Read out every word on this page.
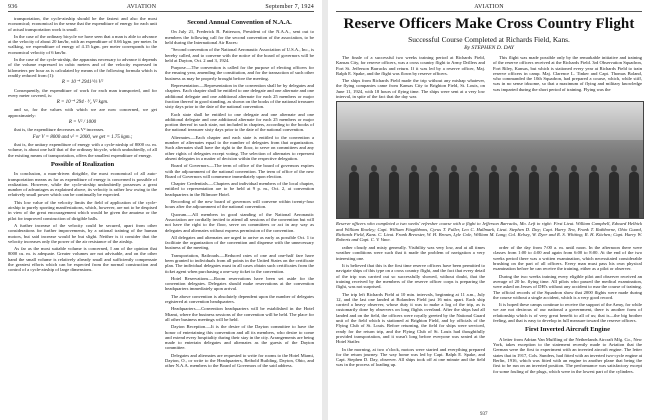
936	AVIATION	September 7, 1924

transportation, the cycle-airship should be the fastest and also the most economical; economical in the sense that the expenditure of energy for each unit of actual transportation work is small.

In the case of the ordinary bicycle we have seen that a man is able to advance at the velocity of about 20 km/hr, with an expenditure of 0.66 kgm. per meter. In walking, we expenditure of energy of 4.15 kgm. per meter corresponds to the economical velocity of 6 km/hr.

In the case of the cycle-airship, the apparatus necessary to advance it depends of the volume expressed in cubic meters and of the velocity expressed in kilometers per hour as is calculated by means of the following formula which is readily reduced from (1):

R = 10⁻⁴ 2941^⅔ V²

Consequently, the expenditure of work for each man transported, and for every meter covered, is:

R = 10⁻⁴ 294 · ³⁄₂ V² kgm.

and so, for the values with which we are now concerned, we get approximately:

R = V² / 1000

that is, the expenditure decreases as V² increases.

For V = 8000 and v² = 2000, we get = 1.75 kgm.;

that is, the unitary expenditure of energy with a cycle-airship of 8000 cu. m. volume, is about one half that of the ordinary bicycle, which undoubtedly, of all the existing means of transportation, offers the smallest expenditure of energy.

Possible of Realization

In conclusion, a man-driven dirigible, the most economical of all auto-transportation means as far as expenditure of energy is concerned is possible of realization. However, while the cycle-airship undoubtedly possesses a great number of advantages as explained above, its velocity is rather low owing to the relatively small power which can be continually be expected.

This low value of the velocity limits the field of application of the cycle-airship to purely sporting manifestations, which, however, are not to be despised in view of the great encouragement which would be given the amateur or the pilot for improved construction of dirigible balls.

A further increase of the velocity could be secured, apart from other considerations for further improvements, by a rational training of the human motors, but said increase would be but slight. Neither is it consider that the velocity increases only the power of the air resistance of the airship.

As far as the most suitable volume is concerned, I am of the opinion that 8000 cu. m. is adequate. Greater volumes are not advisable, and on the other hand the small volume is relatively already small and sufficiently compensate the greatest efforts which can be expected from the normal construction and control of a cycle-airship of large dimensions.

Second Annual Convention of N.A.A.

On July 21, Frederick B. Patterson, President of the N.A.A., sent out to members the following call for the second convention of the association, to be held during the International Air Races:

"Second convention of the National Aeronautic Association of U.S.A., Inc., is hereby called, and to convene with the notice of the board of governors will be held at Dayton, Oct. 2 and 3, 1924.

Purpose.—The convention is called for the purpose of electing officers for the ensuing year, amending the constitution, and for the transaction of such other business as may be properly brought before the meeting.

Representation.—Representation in the convention shall be by delegates and chapters. Each chapter shall be entitled to one delegate and one alternate and one additional delegate and one additional alternate for each 25 members or major fraction thereof in good standing, as shown on the books of the national treasurer sixty days prior to the date of the national convention.

Each state shall be entitled to one delegate and one alternate and one additional delegate and one additional alternate for each 25 members or major portion thereof in such state, not included in chapters, according to the books of the national treasurer sixty days prior to the date of the national convention.

Alternates.—Each chapter and each state is entitled to the convention a number of alternates equal to the number of delegates from that organization. Such alternates shall have the right to the floor, to serve on committees and any other rights of delegates except voting. The selection of alternates to represent absent delegates in a matter of decision within the respective delegation.

Board of Governors.—The term of office of the board of governors expires with the adjournment of the national convention. The term of office of the new Board of Governors will commence immediately upon election.

Chapter Credentials.—Chapters and individual members of the local chapter, entitled to representation are to be held at 9 p. m., Oct. 2, at convention headquarters in the Biltmore Hotel.

Recording of the new board of governors will convene within twenty-four hours after the adjournment of the national convention.

Quorum.—All members in good standing of the National Aeronautic Association are cordially invited to attend all sessions of the convention but will not have the right to the floor, serve on committees or act in any way as delegates and alternates without express permission of the convention.

All delegates and alternates are urged to arrive as early as possible Oct. 1 to facilitate the organization of the convention and dispense with the unnecessary business of the meeting.

Transportation, Railroads.—Reduced rates of one and one-half fare have been granted to individuals from all points in the United States on the certificate plan. The individual delegates must in all cases obtain such certificates from the ticket agent when purchasing a one-way ticket to the convention.

Hotel Reservations.—Room reservations have been set aside for the convention delegates. Delegates should make reservations at the convention headquarters immediately upon arrival.

The above convention is absolutely dependent upon the number of delegates registered at convention headquarters.

Headquarters.—Convention headquarters will be established in the Hotel Miami, where the business sessions of the convention will be held. The place for all other business meetings will be held.

Dayton Reception.—It is the desire of the Dayton committee to have the honor of entertaining this convention and all its members, who desire to come and extend every hospitality during their stay in the city. Arrangements are being made to entertain delegates and alternates as the guests of the Dayton committee.

Delegates and alternates are requested to write for rooms to the Hotel Miami, Dayton, O., or write to the Headquarters, Reibold Building, Dayton, Ohio, and other N.A.A. members to the Board of Governors of the said address.

AVIATION
Reserve Officers Make Cross Country Flight
Successful Course Completed at Richards Field, Kans.
By STEPHEN D. DAY

The finale of a successful two weeks training period at Richards Field, Kansas City, for reserve officers, was a cross country flight to Army Drillers and Fort St. Jefferson Barracks and return. If it was led by a reserve officer, Maj. Ralph E. Spake, and the flight was flown by reserve officers.

The ships from Richards Field made the trip without any mishap whatever, the flying companies came from Kansas City to Brighton Field, St. Louis, on June 11, 1924, with 18 hours of flying time. The ships were sent at a very low interval, in spite of the fact that the day was

This flight was made possible only by the remarkable initiative and training of the reserve officers received at the Richards Field. 3rd Observation Squadron, Fort Riley, Kansas, but which is stationed every year at Richards Field to train reserve officers in camp. Maj. Clarence L. Tinker and Capt. Thomas Boland, who commanded the 10th Squadron, had prepared a course, which, while stiff, was in no sense irksome, so that a maximum of flying and military knowledge was imparted during the short period of training. Flying was the

Reserve officers who completed a two weeks' refresher course with a flight to Jefferson Barracks, Mo. Left to right: First Lieut. William Campbell, Edward Helbick and William Rowley; Capt. William Fitzgibbons, Cyrus T. Fuller, Leo C. Hallmark, Lieut. Stephen D. Day; Capt. Harry Tew, Frank T. Rathborne, Ohio Guard, Richards Field, Kans. C. Lieut. Frank Brewster, W. H. Brown, Lyle Cole, William M. Lang; Col. Kelsey, W. Dyer and R. S. Whiting; R. H. Kitchen; Capt. Harry W. Roberts and Capt. C. V. Vane.

rather cloudy and misty generally. Visibility was very low, and at all times weather conditions were such that it made the problem of navigation a very interesting one.

It is believed that this is the first time reserve officers have been permitted to navigate ships of this type on a cross country flight, and the fact that every detail of the trip was carried out so successfully showed, without doubt, that the training received by the members of the reserve officer corps is preparing the flight, was not surprised.

The trip left Richards Field at 10 min. intervals, beginning at 11 a.m., July 12, and the last one landed at Bolanders Field just 16 min. apart. Each ship carried a heavy observer, whose duty it was to make a log of the trip, as is customarily done by observers on long flights overland. After the ships had all landed and on the field, the officers were royally greeted by the National Guard unit of the field which is stationed at Brighton Field, and by officials of the Flying Club of St. Louis. Before returning, the field for ships were serviced, ready for the return trip, and the Flying Club of St. Louis had thoughtfully provided transportation, and it wasn't long before everyone was seated at the Hotel Statler.

In the morning, at two o'clock, motors were started and everything prepared for the return journey. The way home was led by Capt. Ralph E. Spake, and Capt. Stephen D. Day, observer. All ships took off at one minute and the field was in the process of loading up.

order of the day from 7:00 a. m. until noon. In the afternoon there were classes from 1:00 to 4:00 and again from 6:00 to 8:00. At the end of the two weeks period there was a written examination, which necessitated considerable brushing on the part of all officers. Every man must pass his own physical examination before he can receive the training, either as a pilot or observer.

During the two weeks training every eligible pilot and observer received an average of 20 hr. flying time. All pilots who passed the medical examination, were asked on Jesses of DH's without any accident to mar the course of training. The official records of the Squadron show that 2000 flights were made during the course without a single accident, which is a very good record.

It is hoped these camps continue to receive the support of the Army, for while we are not desirous of our national a government, there is another form of relationship which is of very great benefit to all of us; that is—the big brother feeling, and that is easy to develop in full measure toward the reserve officers.

First Inverted Aircraft Engine

A letter from Adrian Van Muffling of the Netherlands Aircraft Mfg. Co., New York, takes exception to the statement recently made to Aviation that the German were the first to experiment with an inverted aircraft engine. The letter states that in 1917, Cols. Sunders, had fitted with an inverted two-cycle engine at Berlin, 1916, which was fitted with an engine in another plane that being the first to be run on an inverted position. The performance was satisfactory except for some fouling of the plugs, which were in the lowest part of the cylinders.

937
